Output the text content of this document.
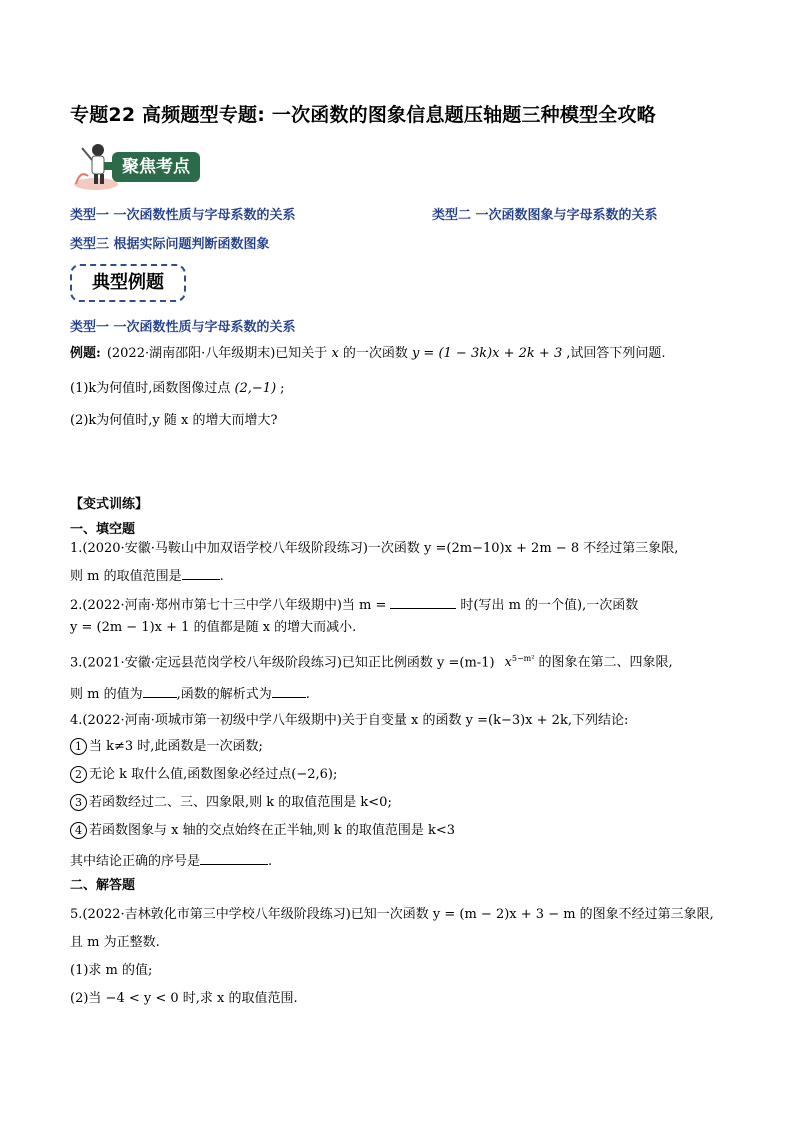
专题22 高频题型专题: 一次函数的图象信息题压轴题三种模型全攻略
聚焦考点
类型一 一次函数性质与字母系数的关系	类型二 一次函数图象与字母系数的关系
类型三 根据实际问题判断函数图象
典型例题
类型一 一次函数性质与字母系数的关系
例题: (2022·湖南邵阳·八年级期末)已知关于 x 的一次函数 y = (1 − 3k)x + 2k + 3 ,试回答下列问题.
(1)k为何值时,函数图像过点 (2,−1) ;
(2)k为何值时,y 随 x 的增大而增大?
【变式训练】
一、填空题
1.(2020·安徽·马鞍山中加双语学校八年级阶段练习)一次函数 y =(2m−10)x + 2m − 8 不经过第三象限,
则 m 的取值范围是	.
2.(2022·河南·郑州市第七十三中学八年级期中)当 m =	时(写出 m 的一个值),一次函数
y = (2m − 1)x + 1 的值都是随 x 的增大而减小.
3.(2021·安徽·定远县范岗学校八年级阶段练习)已知正比例函数 y =(m-1) $x^{5-m^2}$ 的图象在第二、四象限,
则 m 的值为	,函数的解析式为	.
4.(2022·河南·项城市第一初级中学八年级期中)关于自变量 x 的函数 y =(k−3)x + 2k,下列结论:
1 当 k≠3 时,此函数是一次函数;
2 无论 k 取什么值,函数图象必经过点(−2,6);
3 若函数经过二、三、四象限,则 k 的取值范围是 k<0;
4 若函数图象与 x 轴的交点始终在正半轴,则 k 的取值范围是 k<3
其中结论正确的序号是	.
二、解答题
5.(2022·吉林敦化市第三中学校八年级阶段练习)已知一次函数 y = (m − 2)x + 3 − m 的图象不经过第三象限,
且 m 为正整数.
(1)求 m 的值;
(2)当 −4 < y < 0 时,求 x 的取值范围.
